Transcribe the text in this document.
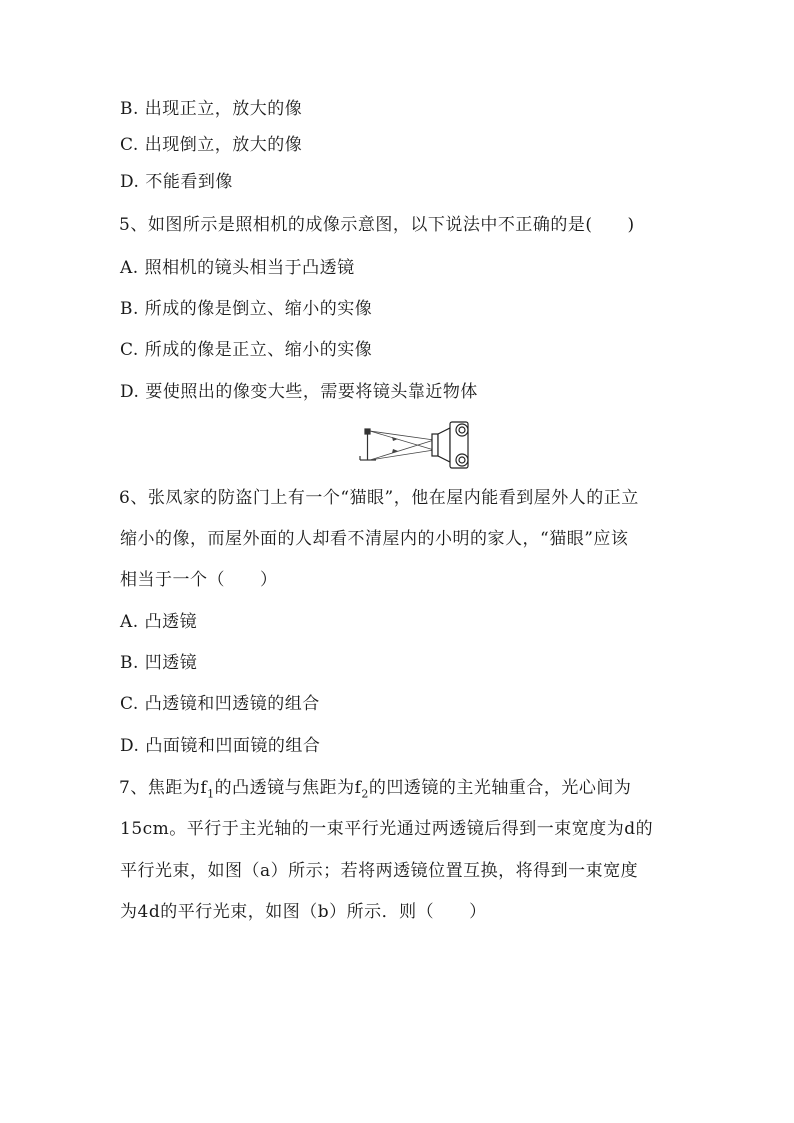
B. 出现正立，放大的像
C. 出现倒立，放大的像
D. 不能看到像
5、如图所示是照相机的成像示意图，以下说法中不正确的是(　　)
A. 照相机的镜头相当于凸透镜
B. 所成的像是倒立、缩小的实像
C. 所成的像是正立、缩小的实像
D. 要使照出的像变大些，需要将镜头靠近物体
6、张凤家的防盗门上有一个“猫眼”，他在屋内能看到屋外人的正立
缩小的像，而屋外面的人却看不清屋内的小明的家人，“猫眼”应该
相当于一个（　　）
A. 凸透镜
B. 凹透镜
C. 凸透镜和凹透镜的组合
D. 凸面镜和凹面镜的组合
7、焦距为$f_1$的凸透镜与焦距为$f_2$的凹透镜的主光轴重合，光心间为
15cm。平行于主光轴的一束平行光通过两透镜后得到一束宽度为d的
平行光束，如图（a）所示；若将两透镜位置互换，将得到一束宽度
为4d的平行光束，如图（b）所示．则（　　）
